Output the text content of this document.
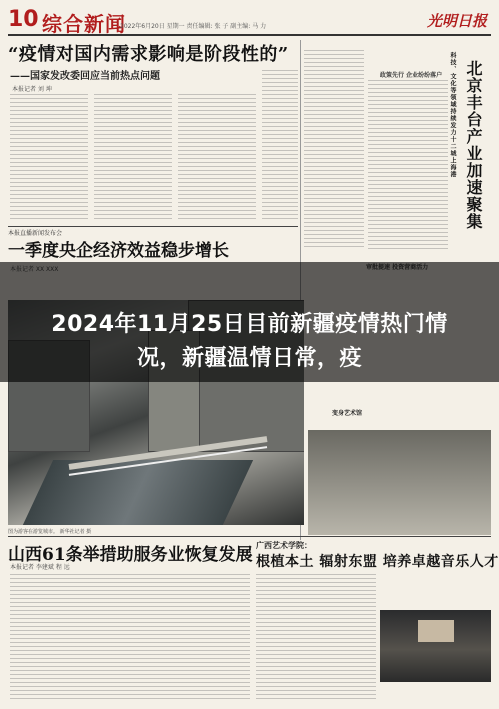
10 综合新闻
2022年6月20日 星期一 责任编辑: 张 子 副主编: 马 力	光明日报
“疫情对国内需求影响是阶段性的”
——国家发改委回应当前热点问题
本报记者 刘 坤	科技、文化等领域持续发力十二城上海港 北京丰台产业加速聚集
政策先行 企业纷纷落户
本报直播新闻发布会
一季度央企经济效益稳步增长
图为游客在游览城市。 新华社记者 摄
变身艺术馆
2024年11月25日目前新疆疫情热门情况，新疆温情日常，疫
山西61条举措助服务业恢复发展
本报记者 李建斌 程 远
广西艺术学院：
根植本土 辐射东盟 培养卓越音乐人才
